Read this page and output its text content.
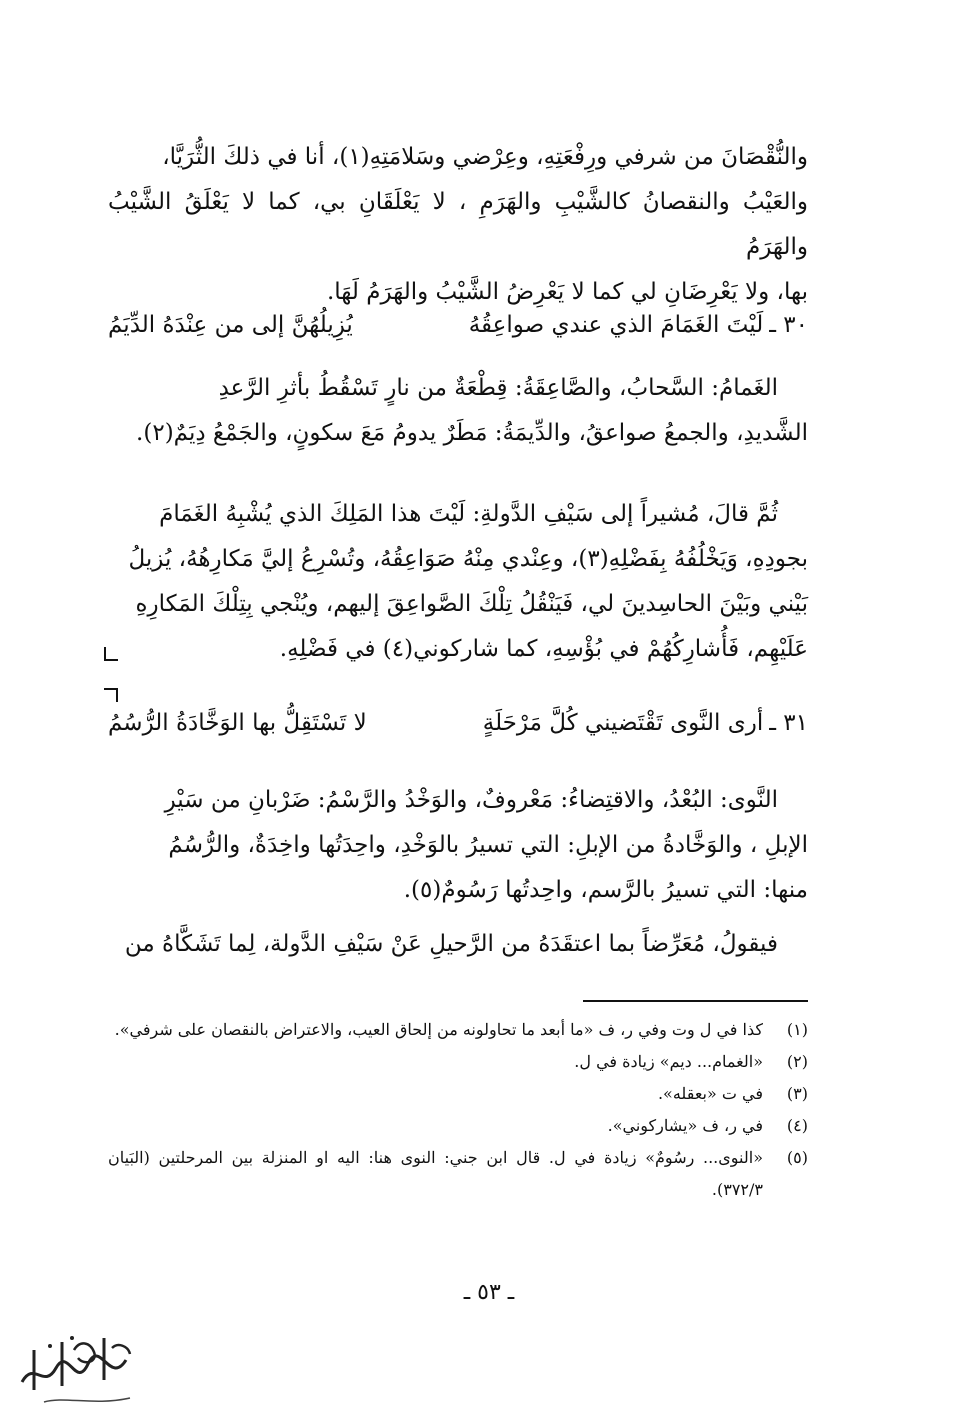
والنُّقْصَانَ من شرفي ورِفْعَتِهِ، وعِرْضي وسَلامَتِهِ(١)، أنا في ذلكَ الثُّرَيَّا،

والعَيْبُ والنقصانُ كالشَّيْبِ والهَرَمِ ، لا يَعْلَقَانِ بي، كما لا يَعْلَقُ الشَّيْبُ والهَرَمُ

بها، ولا يَعْرِضَانِ لي كما لا يَعْرِضُ الشَّيْبُ والهَرَمُ لَهَا.

٣٠ ـ
لَيْتَ الغَمَامَ الذي عندي صواعِقُهُ
يُزِيلُهُنَّ إلى من عِنْدَهُ الدِّيَمُ

الغَمامُ: السَّحابُ، والصَّاعِقَةُ: قِطْعَةٌ من نارٍ تَسْقُطُ بأثرِ الرَّعدِ

الشَّديدِ، والجمعُ صواعقُ، والدِّيمَةُ: مَطَرٌ يدومُ مَعَ سكونٍ، والجَمْعُ دِيَمٌ(٢).

ثُمَّ قالَ، مُشيراً إلى سَيْفِ الدَّولةِ: لَيْتَ هذا المَلِكَ الذي يُشْبِهُ الغَمَامَ

بجودِهِ، وَيَخْلُفُهُ بِفَضْلِهِ(٣)، وعِنْدي مِنْهُ صَوَاعِقُهُ، وتُسْرِعُ إليَّ مَكارِهُهُ، يُزيلُ

بَيْني وبَيْنَ الحاسِدينَ لي، فَيَنْقُلُ تِلْكَ الصَّواعِقَ إليهم، ويُنْجي بِتِلْكَ المَكارِهِ

عَلَيْهِم، فَأُشارِكُهُمْ في بُؤْسِهِ، كما شاركوني(٤) في فَضْلِهِ.

٣١ ـ
أرى النَّوى تَقْتَضيني كُلَّ مَرْحَلَةٍ
لا تَسْتَقِلُّ بها الوَخَّادَةُ الرُّسُمُ

النَّوى: البُعْدُ، والاقتِضاءُ: مَعْروفٌ، والوَخْدُ والرَّسْمُ: ضَرْبانِ من سَيْرِ

الإبلِ ، والوَخَّادةُ من الإبلِ: التي تسيرُ بالوَخْدِ، واحِدَتُها واخِدَةٌ، والرُّسُمُ

منها: التي تسيرُ بالرَّسم، واحِدتُها رَسُومٌ(٥).

فيقولُ، مُعَرِّضاً بما اعتقَدَهُ من الرَّحيلِ عَنْ سَيْفِ الدَّولة، لِما تَشَكَّاهُ من

(١)
كذا في ل وت وفي ر، ف «ما أبعد ما تحاولونه من إلحاق العيب، والاعتراض بالنقصان على شرفي».
(٢)
«الغمام... ديم» زيادة في ل.
(٣)
في ت «بعقله».
(٤)
في ر، ف «يشاركوني».
(٥)
«النوى... رسُومٌ» زيادة في ل. قال ابن جني: النوى هنا: اليه او المنزلة بين المرحلتين (البَيان ٣٧٢/٣).
ـ ٥٣ ـ
